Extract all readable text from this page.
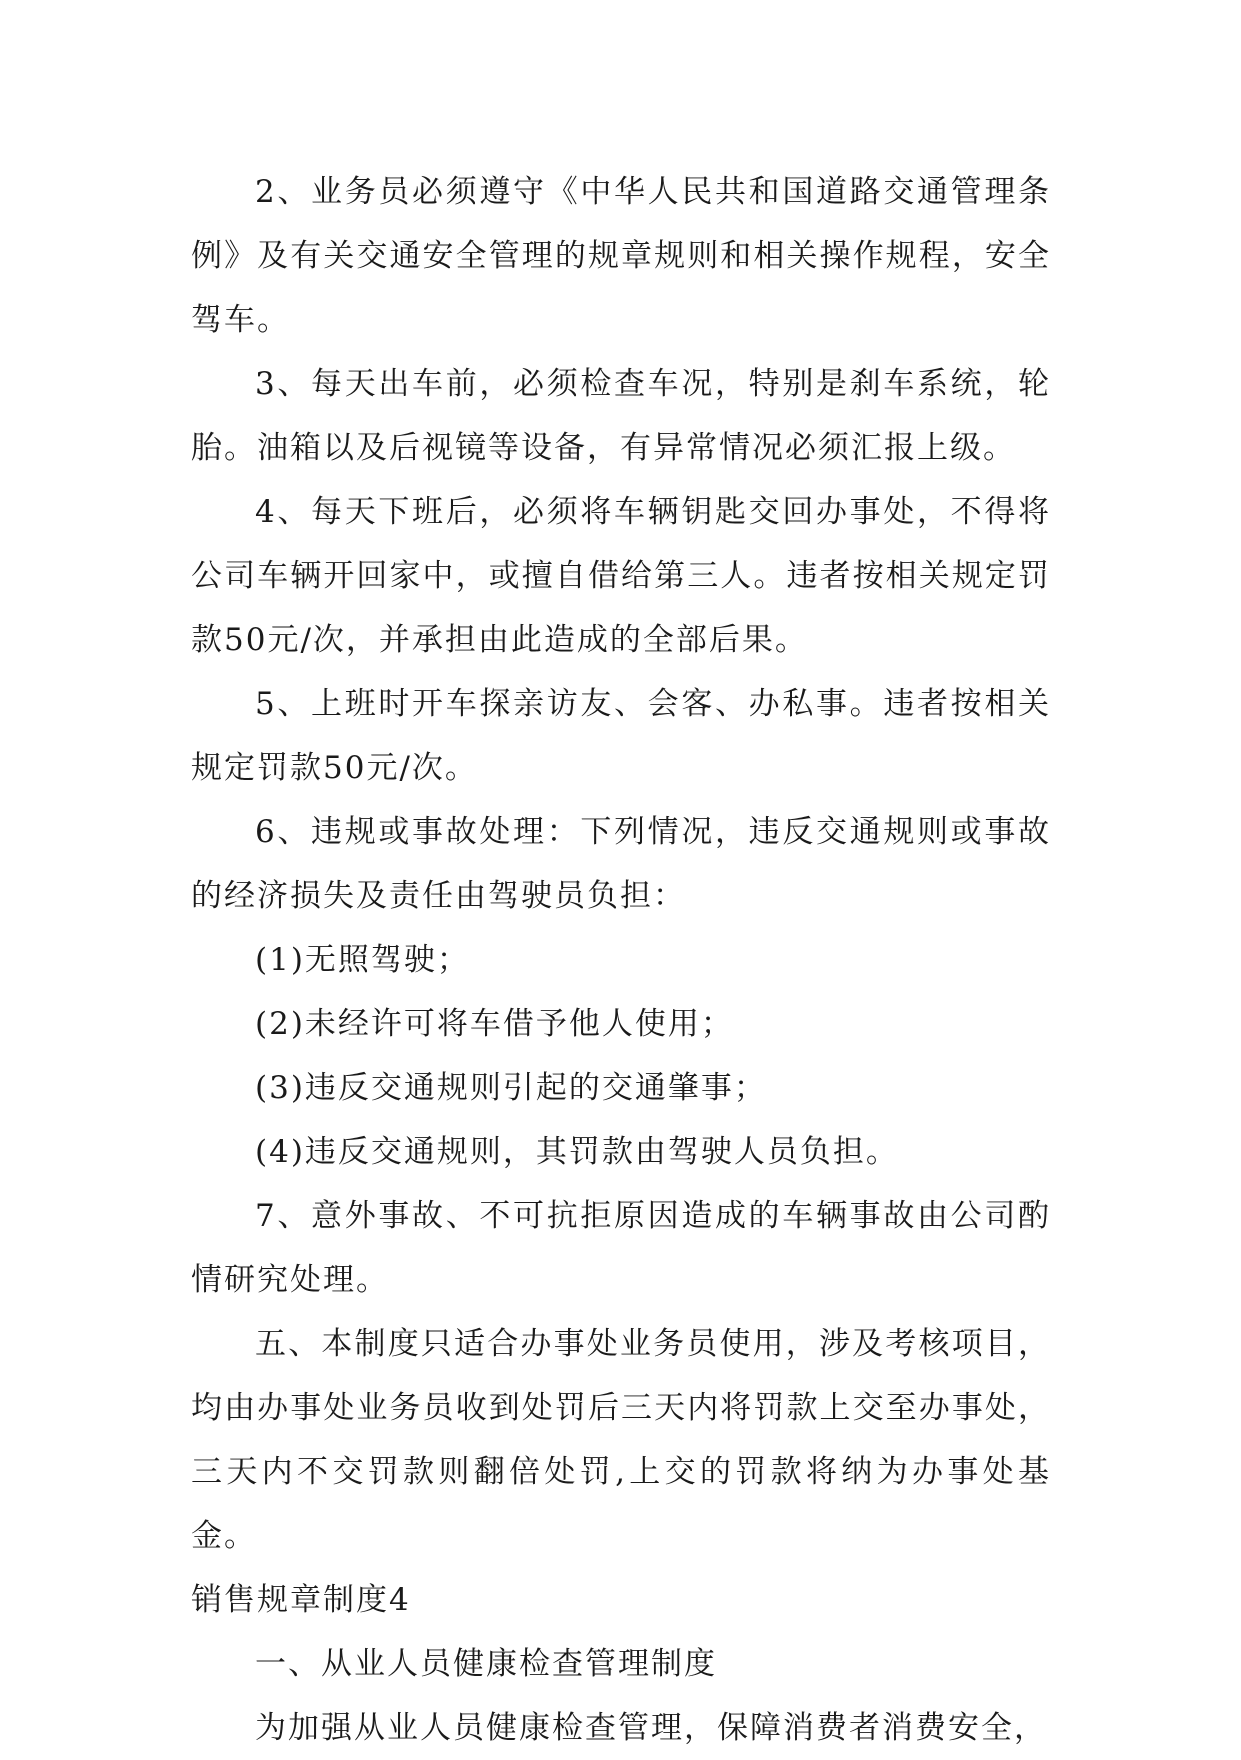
2、业务员必须遵守《中华人民共和国道路交通管理条例》及有关交通安全管理的规章规则和相关操作规程，安全驾车。

3、每天出车前，必须检查车况，特别是刹车系统，轮胎。油箱以及后视镜等设备，有异常情况必须汇报上级。

4、每天下班后，必须将车辆钥匙交回办事处，不得将公司车辆开回家中，或擅自借给第三人。违者按相关规定罚款50元/次，并承担由此造成的全部后果。

5、上班时开车探亲访友、会客、办私事。违者按相关规定罚款50元/次。

6、违规或事故处理：下列情况，违反交通规则或事故的经济损失及责任由驾驶员负担：

(1)无照驾驶；

(2)未经许可将车借予他人使用；

(3)违反交通规则引起的交通肇事；

(4)违反交通规则，其罚款由驾驶人员负担。

7、意外事故、不可抗拒原因造成的车辆事故由公司酌情研究处理。

五、本制度只适合办事处业务员使用，涉及考核项目，均由办事处业务员收到处罚后三天内将罚款上交至办事处，三天内不交罚款则翻倍处罚,上交的罚款将纳为办事处基金。

销售规章制度4

一、从业人员健康检查管理制度

为加强从业人员健康检查管理，保障消费者消费安全，
